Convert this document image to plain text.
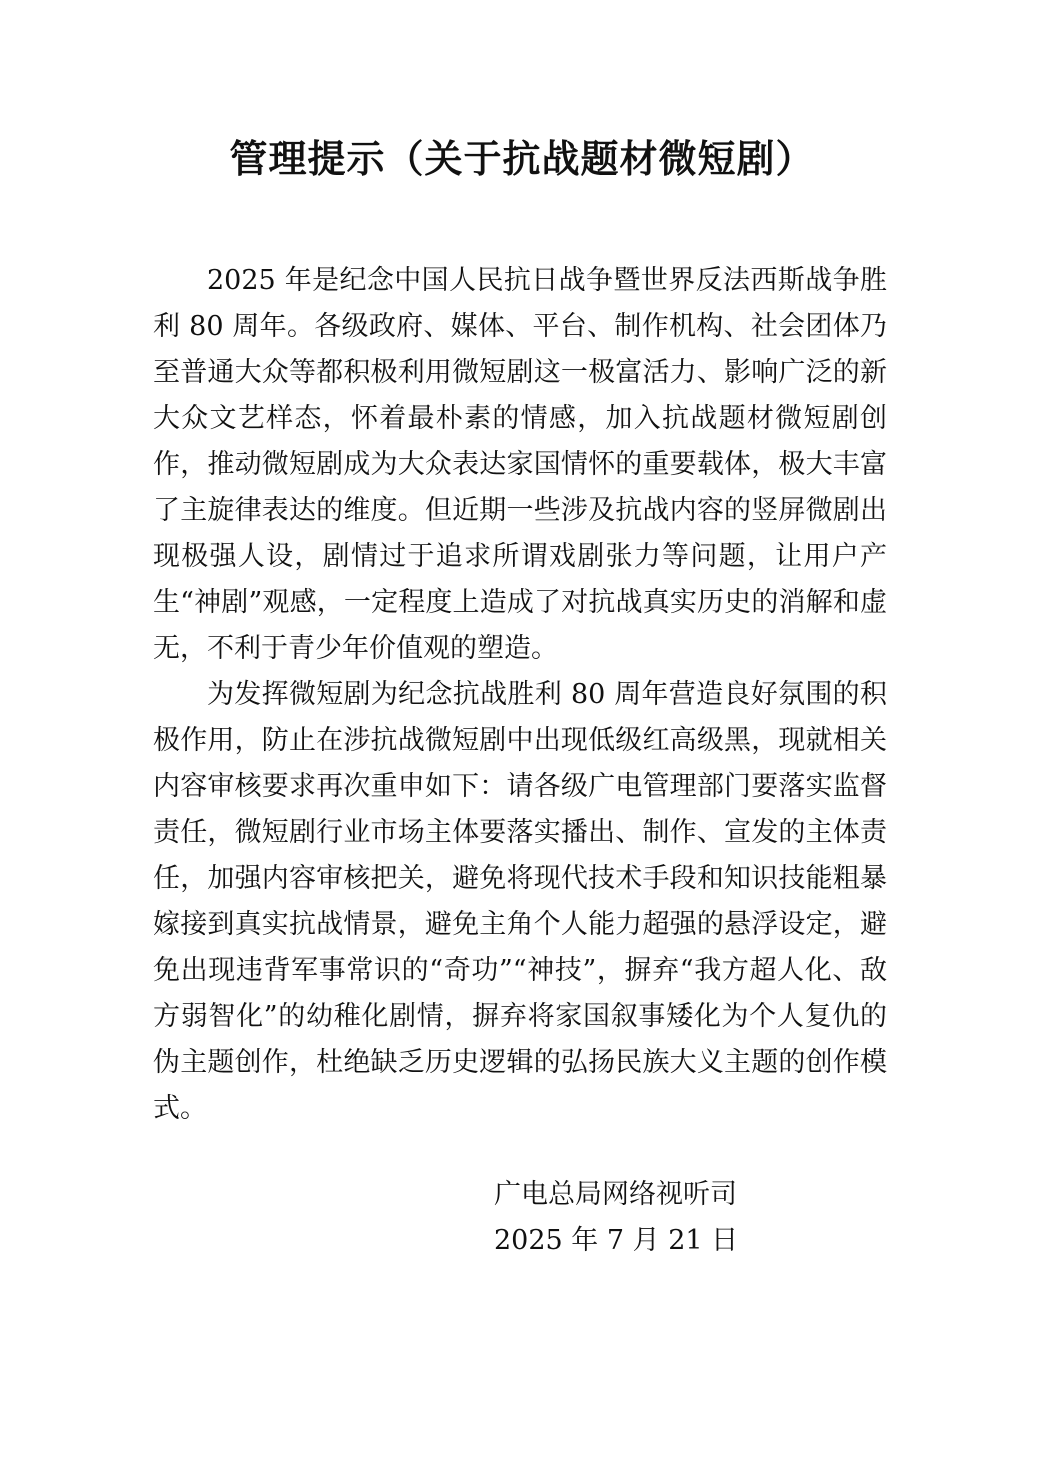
管理提示（关于抗战题材微短剧）

2025 年是纪念中国人民抗日战争暨世界反法西斯战争胜利 80 周年。各级政府、媒体、平台、制作机构、社会团体乃至普通大众等都积极利用微短剧这一极富活力、影响广泛的新大众文艺样态，怀着最朴素的情感，加入抗战题材微短剧创作，推动微短剧成为大众表达家国情怀的重要载体，极大丰富了主旋律表达的维度。但近期一些涉及抗战内容的竖屏微剧出现极强人设，剧情过于追求所谓戏剧张力等问题，让用户产生“神剧”观感，一定程度上造成了对抗战真实历史的消解和虚无，不利于青少年价值观的塑造。

为发挥微短剧为纪念抗战胜利 80 周年营造良好氛围的积极作用，防止在涉抗战微短剧中出现低级红高级黑，现就相关内容审核要求再次重申如下：请各级广电管理部门要落实监督责任，微短剧行业市场主体要落实播出、制作、宣发的主体责任，加强内容审核把关，避免将现代技术手段和知识技能粗暴嫁接到真实抗战情景，避免主角个人能力超强的悬浮设定，避免出现违背军事常识的“奇功”“神技”，摒弃“我方超人化、敌方弱智化”的幼稚化剧情，摒弃将家国叙事矮化为个人复仇的伪主题创作，杜绝缺乏历史逻辑的弘扬民族大义主题的创作模式。

广电总局网络视听司
2025 年 7 月 21 日
